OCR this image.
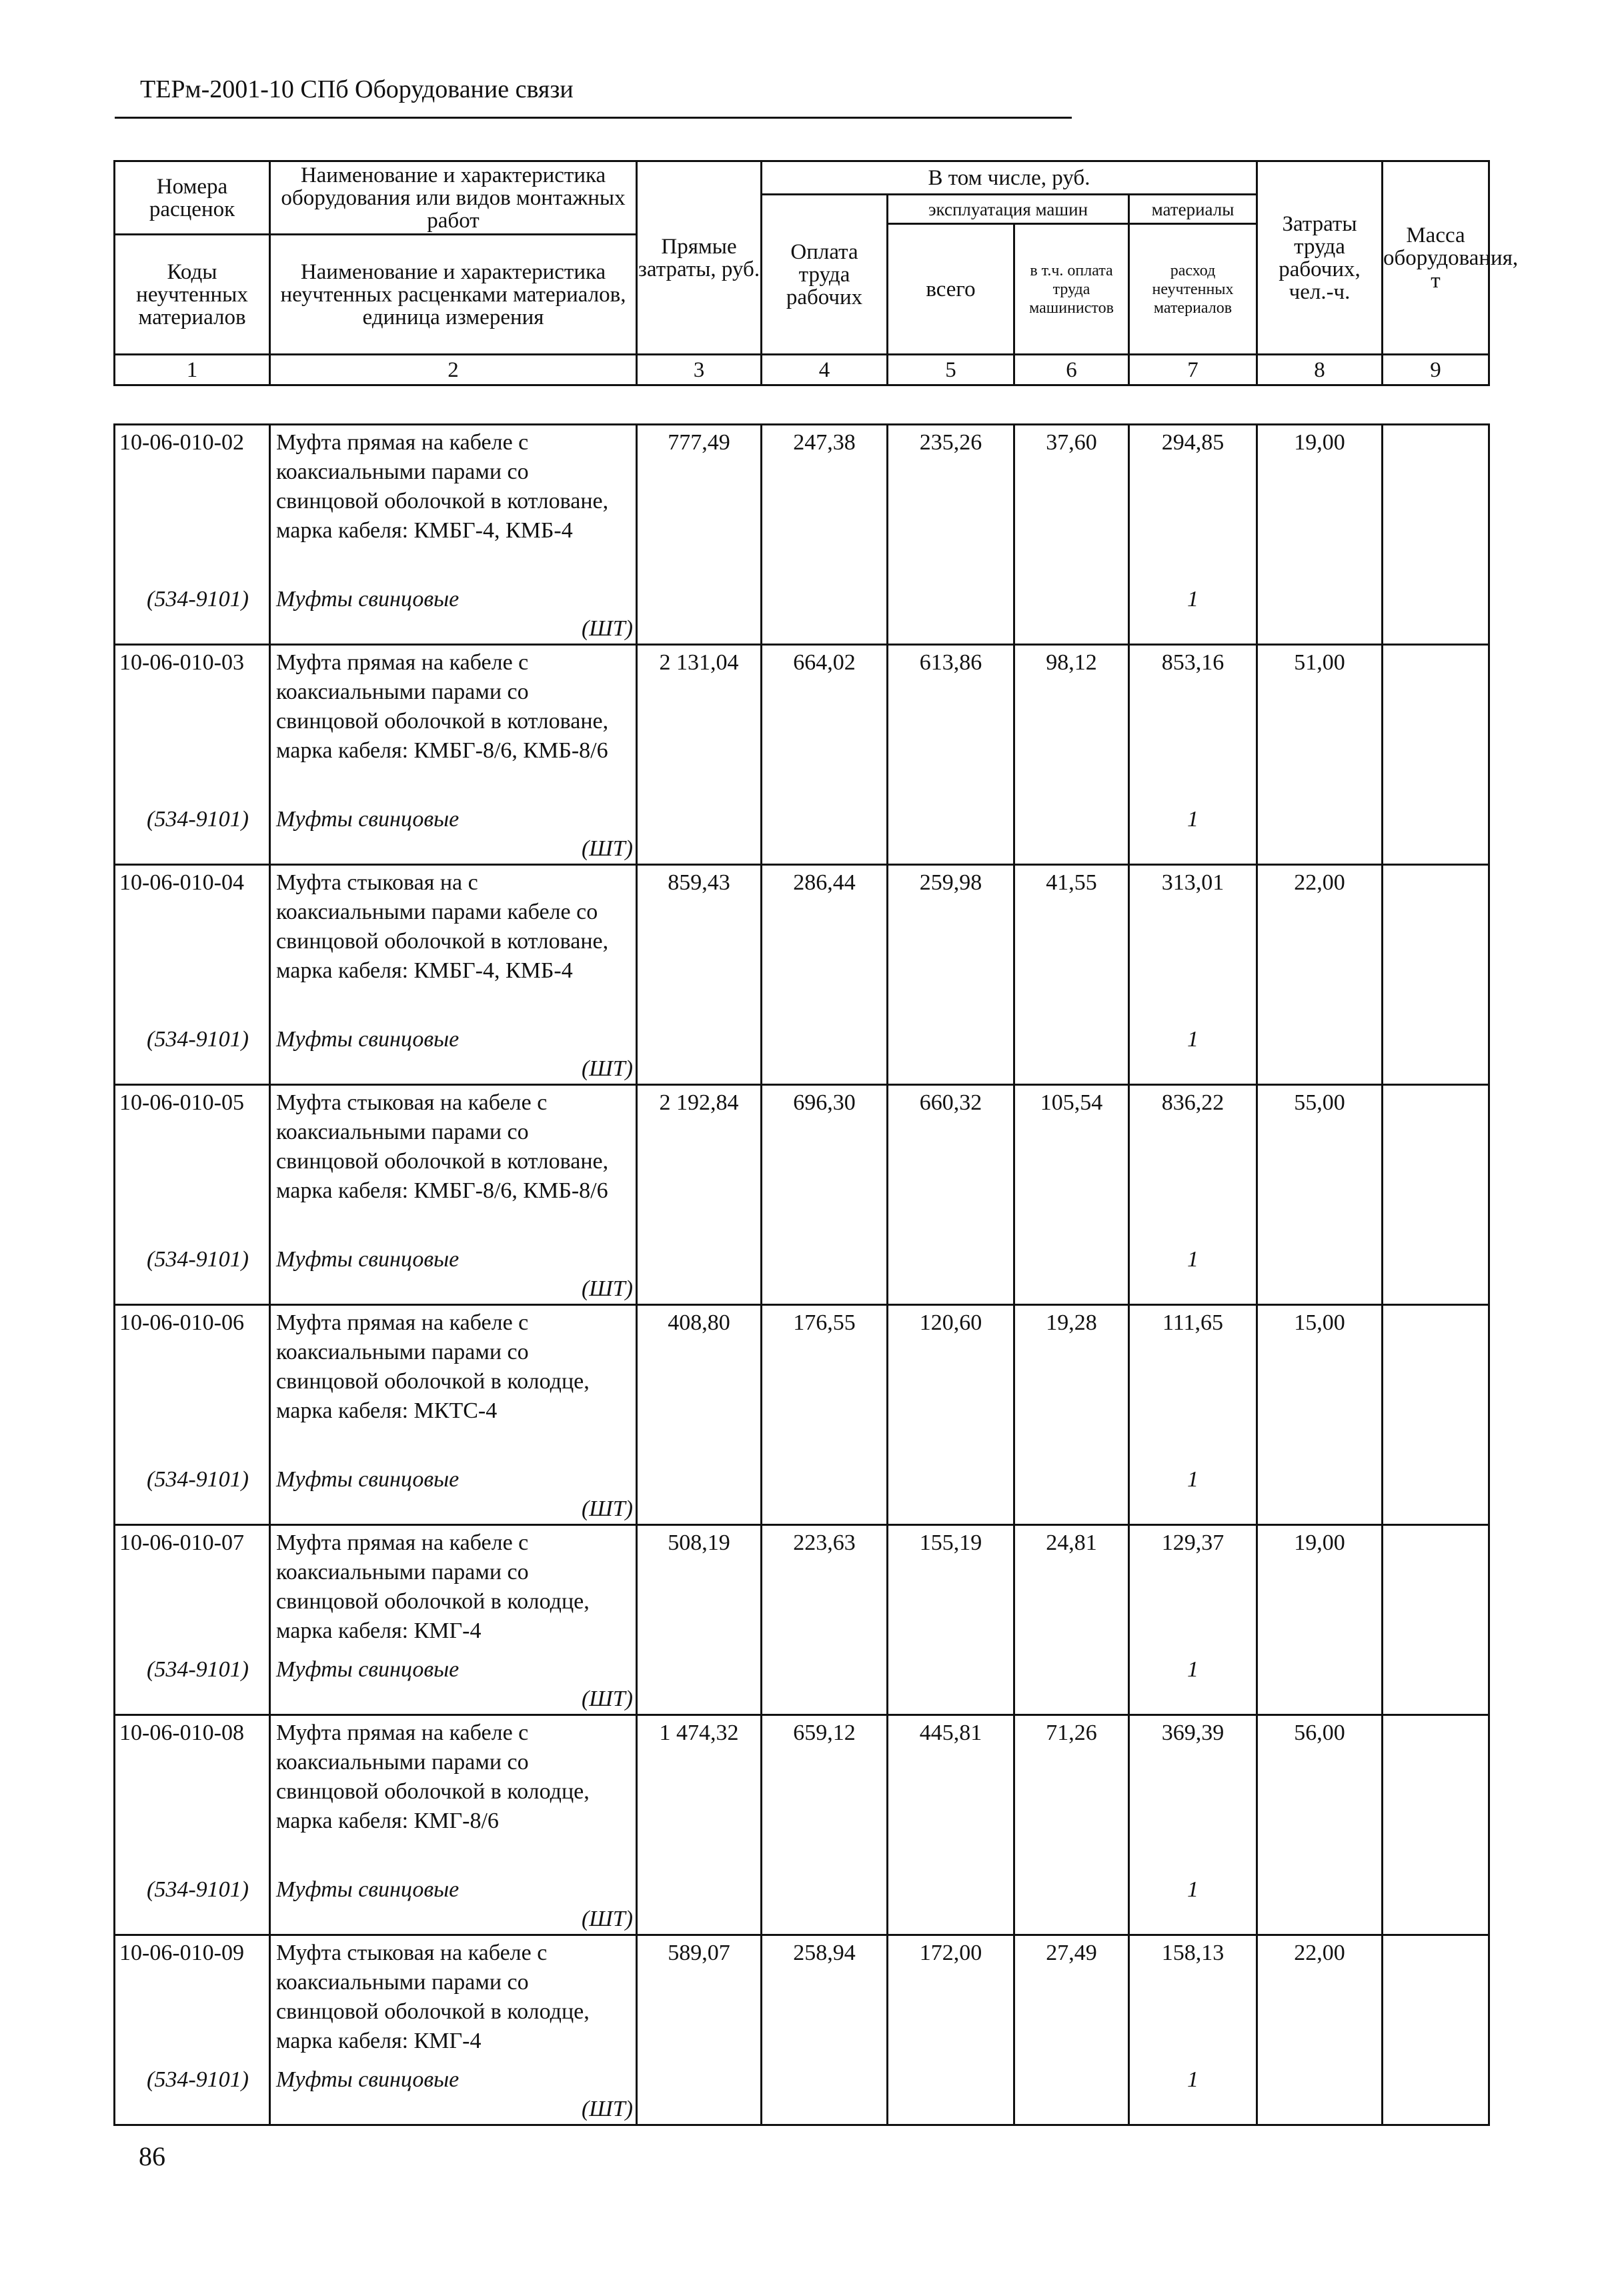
ТЕРм-2001-10 СПб Оборудование связи
Номера расценок	Наименование и характеристика оборудования или видов монтажных работ	Прямые затраты, руб.	В том числе, руб.				Затраты труда рабочих, чел.-ч.	Масса оборудования, т
			Оплата труда рабочих	эксплуатация машин		материалы		
				всего	в т.ч. оплата труда машинистов	расход неучтенных материалов		
Коды неучтенных материалов	Наименование и характеристика неучтенных расценками материалов, единица измерения							

1	2	3	4	5	6	7	8	9
10-06-010-02	Муфта прямая на кабеле с коаксиальными парами со свинцовой оболочкой в котловане, марка кабеля: КМБГ-4, КМБ-4	777,49	247,38	235,26	37,60	294,85	19,00	
(534-9101)	Муфты свинцовые
(ШТ)					1		
10-06-010-03	Муфта прямая на кабеле с коаксиальными парами со свинцовой оболочкой в котловане, марка кабеля: КМБГ-8/6, КМБ-8/6	2 131,04	664,02	613,86	98,12	853,16	51,00	
(534-9101)	Муфты свинцовые
(ШТ)					1		
10-06-010-04	Муфта стыковая на с коаксиальными парами кабеле со свинцовой оболочкой в котловане, марка кабеля: КМБГ-4, КМБ-4	859,43	286,44	259,98	41,55	313,01	22,00	
(534-9101)	Муфты свинцовые
(ШТ)					1		
10-06-010-05	Муфта стыковая на кабеле с коаксиальными парами со свинцовой оболочкой в котловане, марка кабеля: КМБГ-8/6, КМБ-8/6	2 192,84	696,30	660,32	105,54	836,22	55,00	
(534-9101)	Муфты свинцовые
(ШТ)					1		
10-06-010-06	Муфта прямая на кабеле с коаксиальными парами со свинцовой оболочкой в колодце, марка кабеля: МКТС-4	408,80	176,55	120,60	19,28	111,65	15,00	
(534-9101)	Муфты свинцовые
(ШТ)					1		
10-06-010-07	Муфта прямая на кабеле с коаксиальными парами со свинцовой оболочкой в колодце, марка кабеля: КМГ-4	508,19	223,63	155,19	24,81	129,37	19,00	
(534-9101)	Муфты свинцовые
(ШТ)					1		
10-06-010-08	Муфта прямая на кабеле с коаксиальными парами со свинцовой оболочкой в колодце, марка кабеля: КМГ-8/6	1 474,32	659,12	445,81	71,26	369,39	56,00	
(534-9101)	Муфты свинцовые
(ШТ)					1		
10-06-010-09	Муфта стыковая на кабеле с коаксиальными парами со свинцовой оболочкой в колодце, марка кабеля: КМГ-4	589,07	258,94	172,00	27,49	158,13	22,00	
(534-9101)	Муфты свинцовые
(ШТ)					1		
86
